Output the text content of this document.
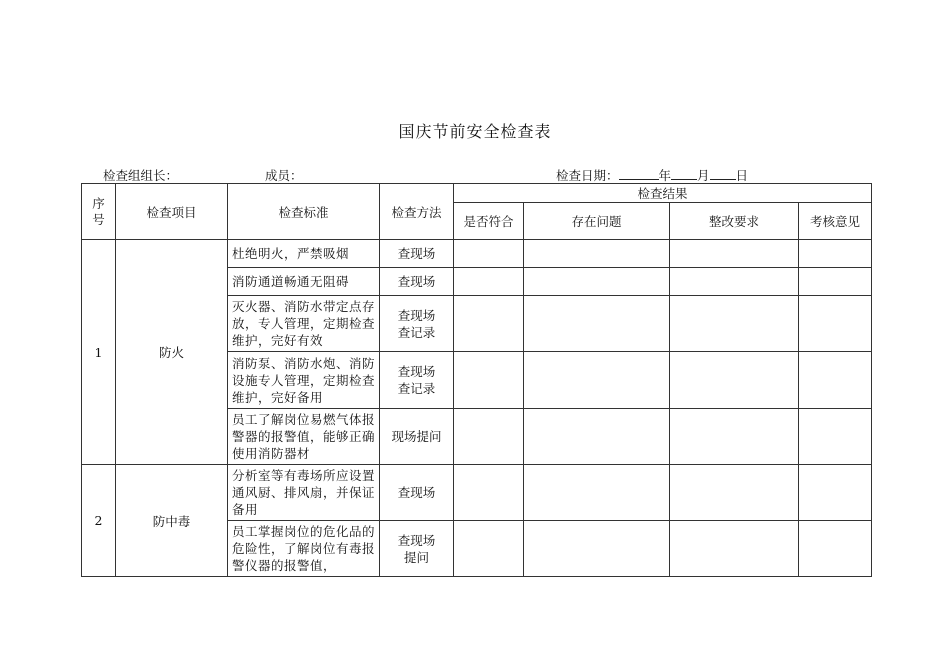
国庆节前安全检查表
检查组组长：	成员：	检查日期：	年 月 日
序
号	检查项目	检查标准	检查方法	检查结果			
				是否符合	存在问题	整改要求	考核意见
1	防火	杜绝明火，严禁吸烟	查现场				
		消防通道畅通无阻碍	查现场				
		灭火器、消防水带定点存放，专人管理，定期检查维护，完好有效	查现场
查记录				
		消防泵、消防水炮、消防设施专人管理，定期检查维护，完好备用	查现场
查记录				
		员工了解岗位易燃气体报警器的报警值，能够正确使用消防器材	现场提问				
2	防中毒	分析室等有毒场所应设置通风厨、排风扇，并保证备用	查现场				
		员工掌握岗位的危化品的危险性，了解岗位有毒报警仪器的报警值，	查现场
提问				
